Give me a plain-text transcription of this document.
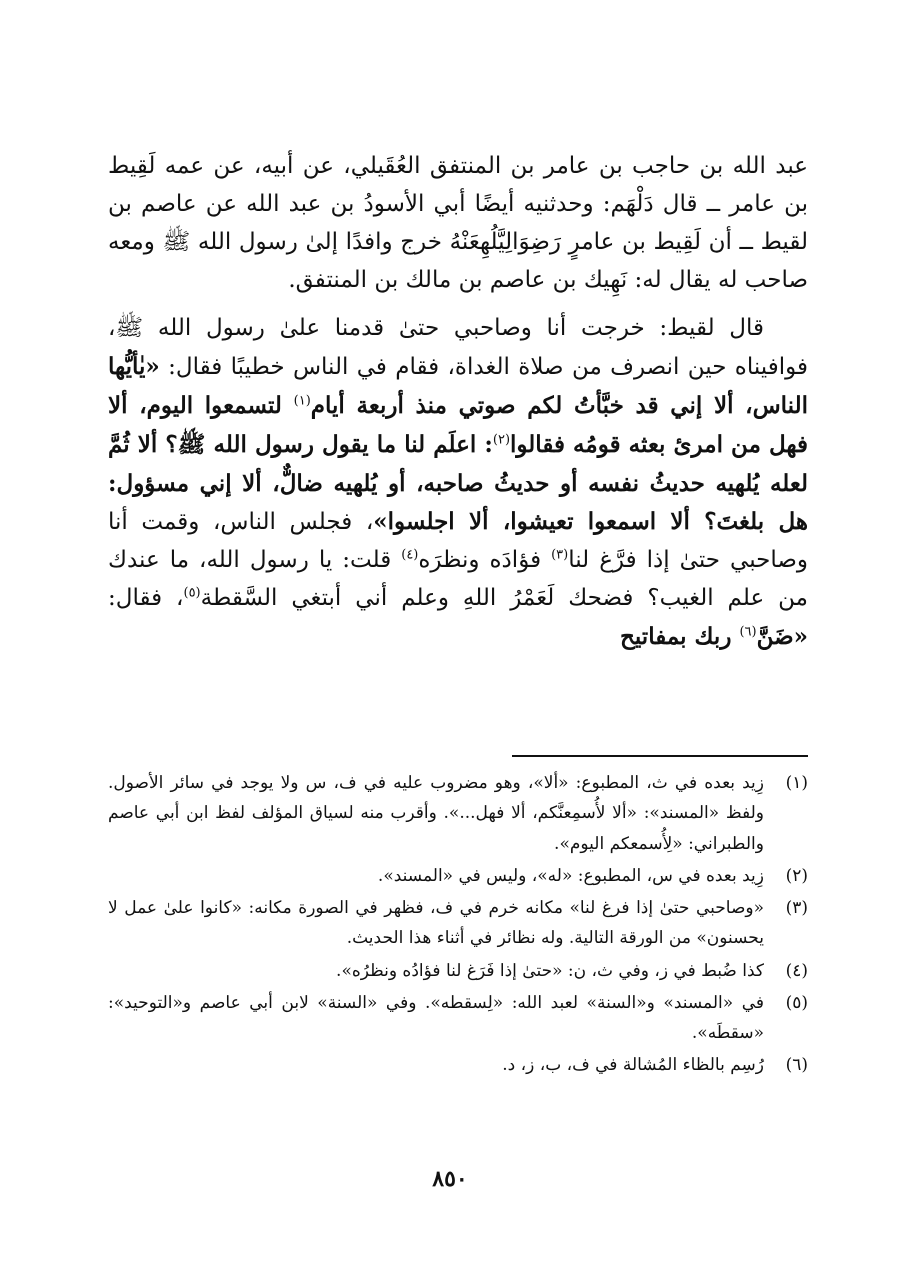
عبد الله بن حاجب بن عامر بن المنتفق العُقَيلي، عن أبيه، عن عمه لَقِيط بن عامر ــ قال دَلْهَم: وحدثنيه أيضًا أبي الأسودُ بن عبد الله عن عاصم بن لقيط ــ أن لَقِيط بن عامرٍ رَضِوَالِيَّلُهِعَنْهُ خرج وافدًا إلىٰ رسول الله ﷺ ومعه صاحب له يقال له: نَهِيك بن عاصم بن مالك بن المنتفق.

قال لقيط: خرجت أنا وصاحبي حتىٰ قدمنا علىٰ رسول الله ﷺ، فوافيناه حين انصرف من صلاة الغداة، فقام في الناس خطيبًا فقال: «يٰأيُّها الناس، ألا إني قد خبَّأتُ لكم صوتي منذ أربعة أيام$^{(١)}$ لتسمعوا اليوم، ألا فهل من امرئ بعثه قومُه فقالوا$^{(٢)}$: اعلَم لنا ما يقول رسول الله ﷺ؟ ألا ثُمَّ لعله يُلهيه حديثُ نفسه أو حديثُ صاحبه، أو يُلهيه ضالٌّ، ألا إني مسؤول: هل بلغتَ؟ ألا اسمعوا تعيشوا، ألا اجلسوا»، فجلس الناس، وقمت أنا وصاحبي حتىٰ إذا فرَّغ لنا$^{(٣)}$ فؤادَه ونظرَه$^{(٤)}$ قلت: يا رسول الله، ما عندك من علم الغيب؟ فضحك لَعَمْرُ اللهِ وعلم أني أبتغي السَّقطة$^{(٥)}$، فقال: «ضَنَّ$^{(٦)}$ ربك بمفاتيح

(١)
زِيد بعده في ث، المطبوع: «ألا»، وهو مضروب عليه في ف، س ولا يوجد في سائر الأصول. ولفظ «المسند»: «ألا لأُسمِعنَّكم، ألا فهل...». وأقرب منه لسياق المؤلف لفظ ابن أبي عاصم والطبراني: «لِأُسمعكم اليوم».
(٢)
زِيد بعده في س، المطبوع: «له»، وليس في «المسند».
(٣)
«وصاحبي حتىٰ إذا فرغ لنا» مكانه خرم في ف، فظهر في الصورة مكانه: «كانوا علىٰ عمل لا يحسنون» من الورقة التالية. وله نظائر في أثناء هذا الحديث.
(٤)
كذا ضُبط في ز، وفي ث، ن: «حتىٰ إذا فَرَغ لنا فؤادُه ونظرُه».
(٥)
في «المسند» و«السنة» لعبد الله: «لِسقطه». وفي «السنة» لابن أبي عاصم و«التوحيد»: «سقطَه».
(٦)
رُسِم بالظاء المُشالة في ف، ب، ز، د.
٨٥٠
